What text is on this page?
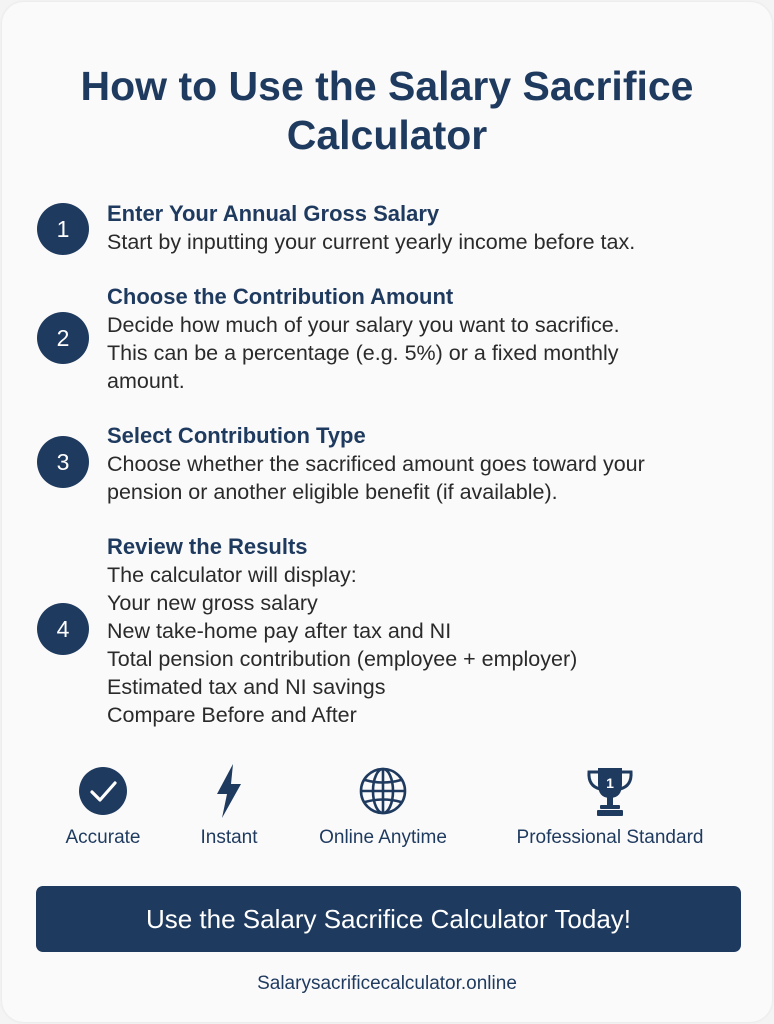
How to Use the Salary Sacrifice Calculator
1
Enter Your Annual Gross Salary
Start by inputting your current yearly income before tax.
2
Choose the Contribution Amount
Decide how much of your salary you want to sacrifice.
This can be a percentage (e.g. 5%) or a fixed monthly
amount.
3
Select Contribution Type
Choose whether the sacrificed amount goes toward your
pension or another eligible benefit (if available).
4
Review the Results
The calculator will display:
Your new gross salary
New take-home pay after tax and NI
Total pension contribution (employee + employer)
Estimated tax and NI savings
Compare Before and After
Accurate	Instant	Online Anytime
1
Professional Standard
Use the Salary Sacrifice Calculator Today!
Salarysacrificecalculator.online
